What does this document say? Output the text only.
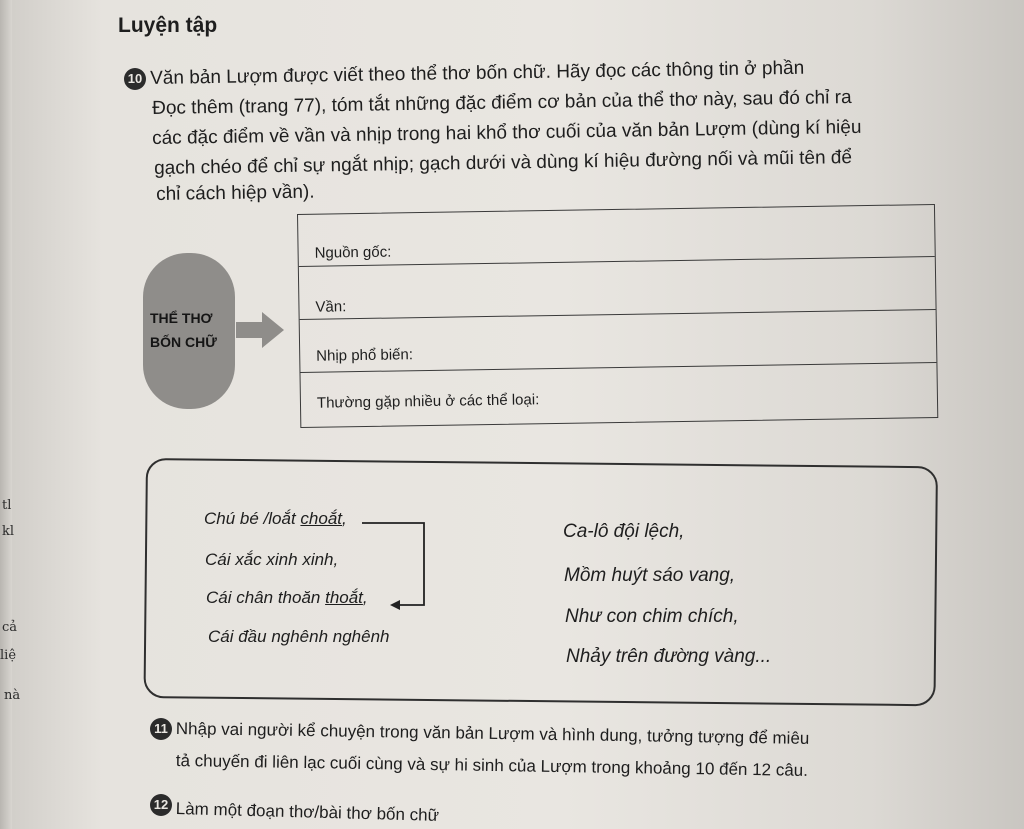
tl
kl
cả
liệ
nà
Luyện tập
10 Văn bản Lượm được viết theo thể thơ bốn chữ. Hãy đọc các thông tin ở phần
Đọc thêm (trang 77), tóm tắt những đặc điểm cơ bản của thể thơ này, sau đó chỉ ra
các đặc điểm về vần và nhịp trong hai khổ thơ cuối của văn bản Lượm (dùng kí hiệu
gạch chéo để chỉ sự ngắt nhịp; gạch dưới và dùng kí hiệu đường nối và mũi tên để
chỉ cách hiệp vần).
THỂ THƠ
BỐN CHỮ
Nguồn gốc:
Vần:
Nhịp phổ biến:
Thường gặp nhiều ở các thể loại:
Chú bé /loắt choắt,
Cái xắc xinh xinh,
Cái chân thoăn thoắt,
Cái đầu nghênh nghênh
Ca-lô đội lệch,
Mồm huýt sáo vang,
Như con chim chích,
Nhảy trên đường vàng...
11 Nhập vai người kể chuyện trong văn bản Lượm và hình dung, tưởng tượng để miêu
tả chuyến đi liên lạc cuối cùng và sự hi sinh của Lượm trong khoảng 10 đến 12 câu.
12 Làm một đoạn thơ/bài thơ bốn chữ
